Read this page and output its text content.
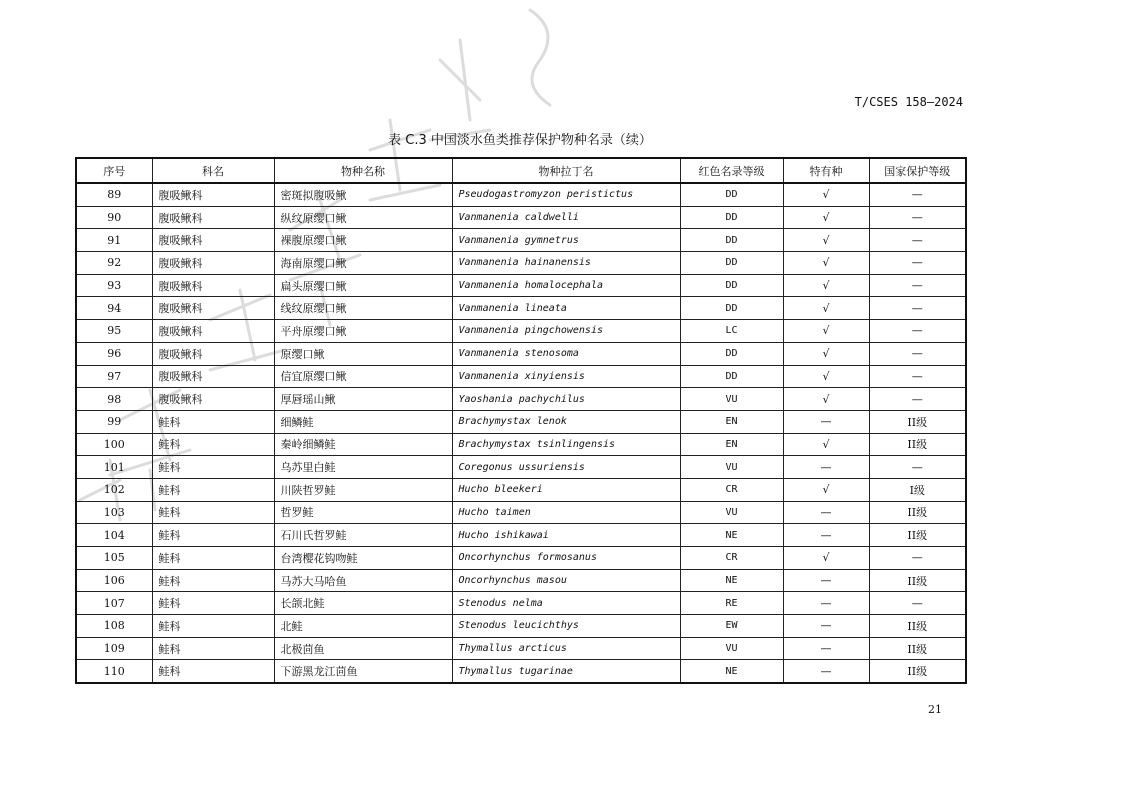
T/CSES 158—2024
表 C.3 中国淡水鱼类推荐保护物种名录（续）
序号	科名	物种名称	物种拉丁名	红色名录等级	特有种	国家保护等级
89	腹吸鳅科	密斑拟腹吸鳅	Pseudogastromyzon peristictus	DD	√	—
90	腹吸鳅科	纵纹原缨口鳅	Vanmanenia caldwelli	DD	√	—
91	腹吸鳅科	裸腹原缨口鳅	Vanmanenia gymnetrus	DD	√	—
92	腹吸鳅科	海南原缨口鳅	Vanmanenia hainanensis	DD	√	—
93	腹吸鳅科	扁头原缨口鳅	Vanmanenia homalocephala	DD	√	—
94	腹吸鳅科	线纹原缨口鳅	Vanmanenia lineata	DD	√	—
95	腹吸鳅科	平舟原缨口鳅	Vanmanenia pingchowensis	LC	√	—
96	腹吸鳅科	原缨口鳅	Vanmanenia stenosoma	DD	√	—
97	腹吸鳅科	信宜原缨口鳅	Vanmanenia xinyiensis	DD	√	—
98	腹吸鳅科	厚唇瑶山鳅	Yaoshania pachychilus	VU	√	—
99	鲑科	细鳞鲑	Brachymystax lenok	EN	—	II级
100	鲑科	秦岭细鳞鲑	Brachymystax tsinlingensis	EN	√	II级
101	鲑科	乌苏里白鲑	Coregonus ussuriensis	VU	—	—
102	鲑科	川陕哲罗鲑	Hucho bleekeri	CR	√	I级
103	鲑科	哲罗鲑	Hucho taimen	VU	—	II级
104	鲑科	石川氏哲罗鲑	Hucho ishikawai	NE	—	II级
105	鲑科	台湾樱花钩吻鲑	Oncorhynchus formosanus	CR	√	—
106	鲑科	马苏大马哈鱼	Oncorhynchus masou	NE	—	II级
107	鲑科	长颌北鲑	Stenodus nelma	RE	—	—
108	鲑科	北鲑	Stenodus leucichthys	EW	—	II级
109	鲑科	北极茴鱼	Thymallus arcticus	VU	—	II级
110	鲑科	下游黑龙江茴鱼	Thymallus tugarinae	NE	—	II级
21
